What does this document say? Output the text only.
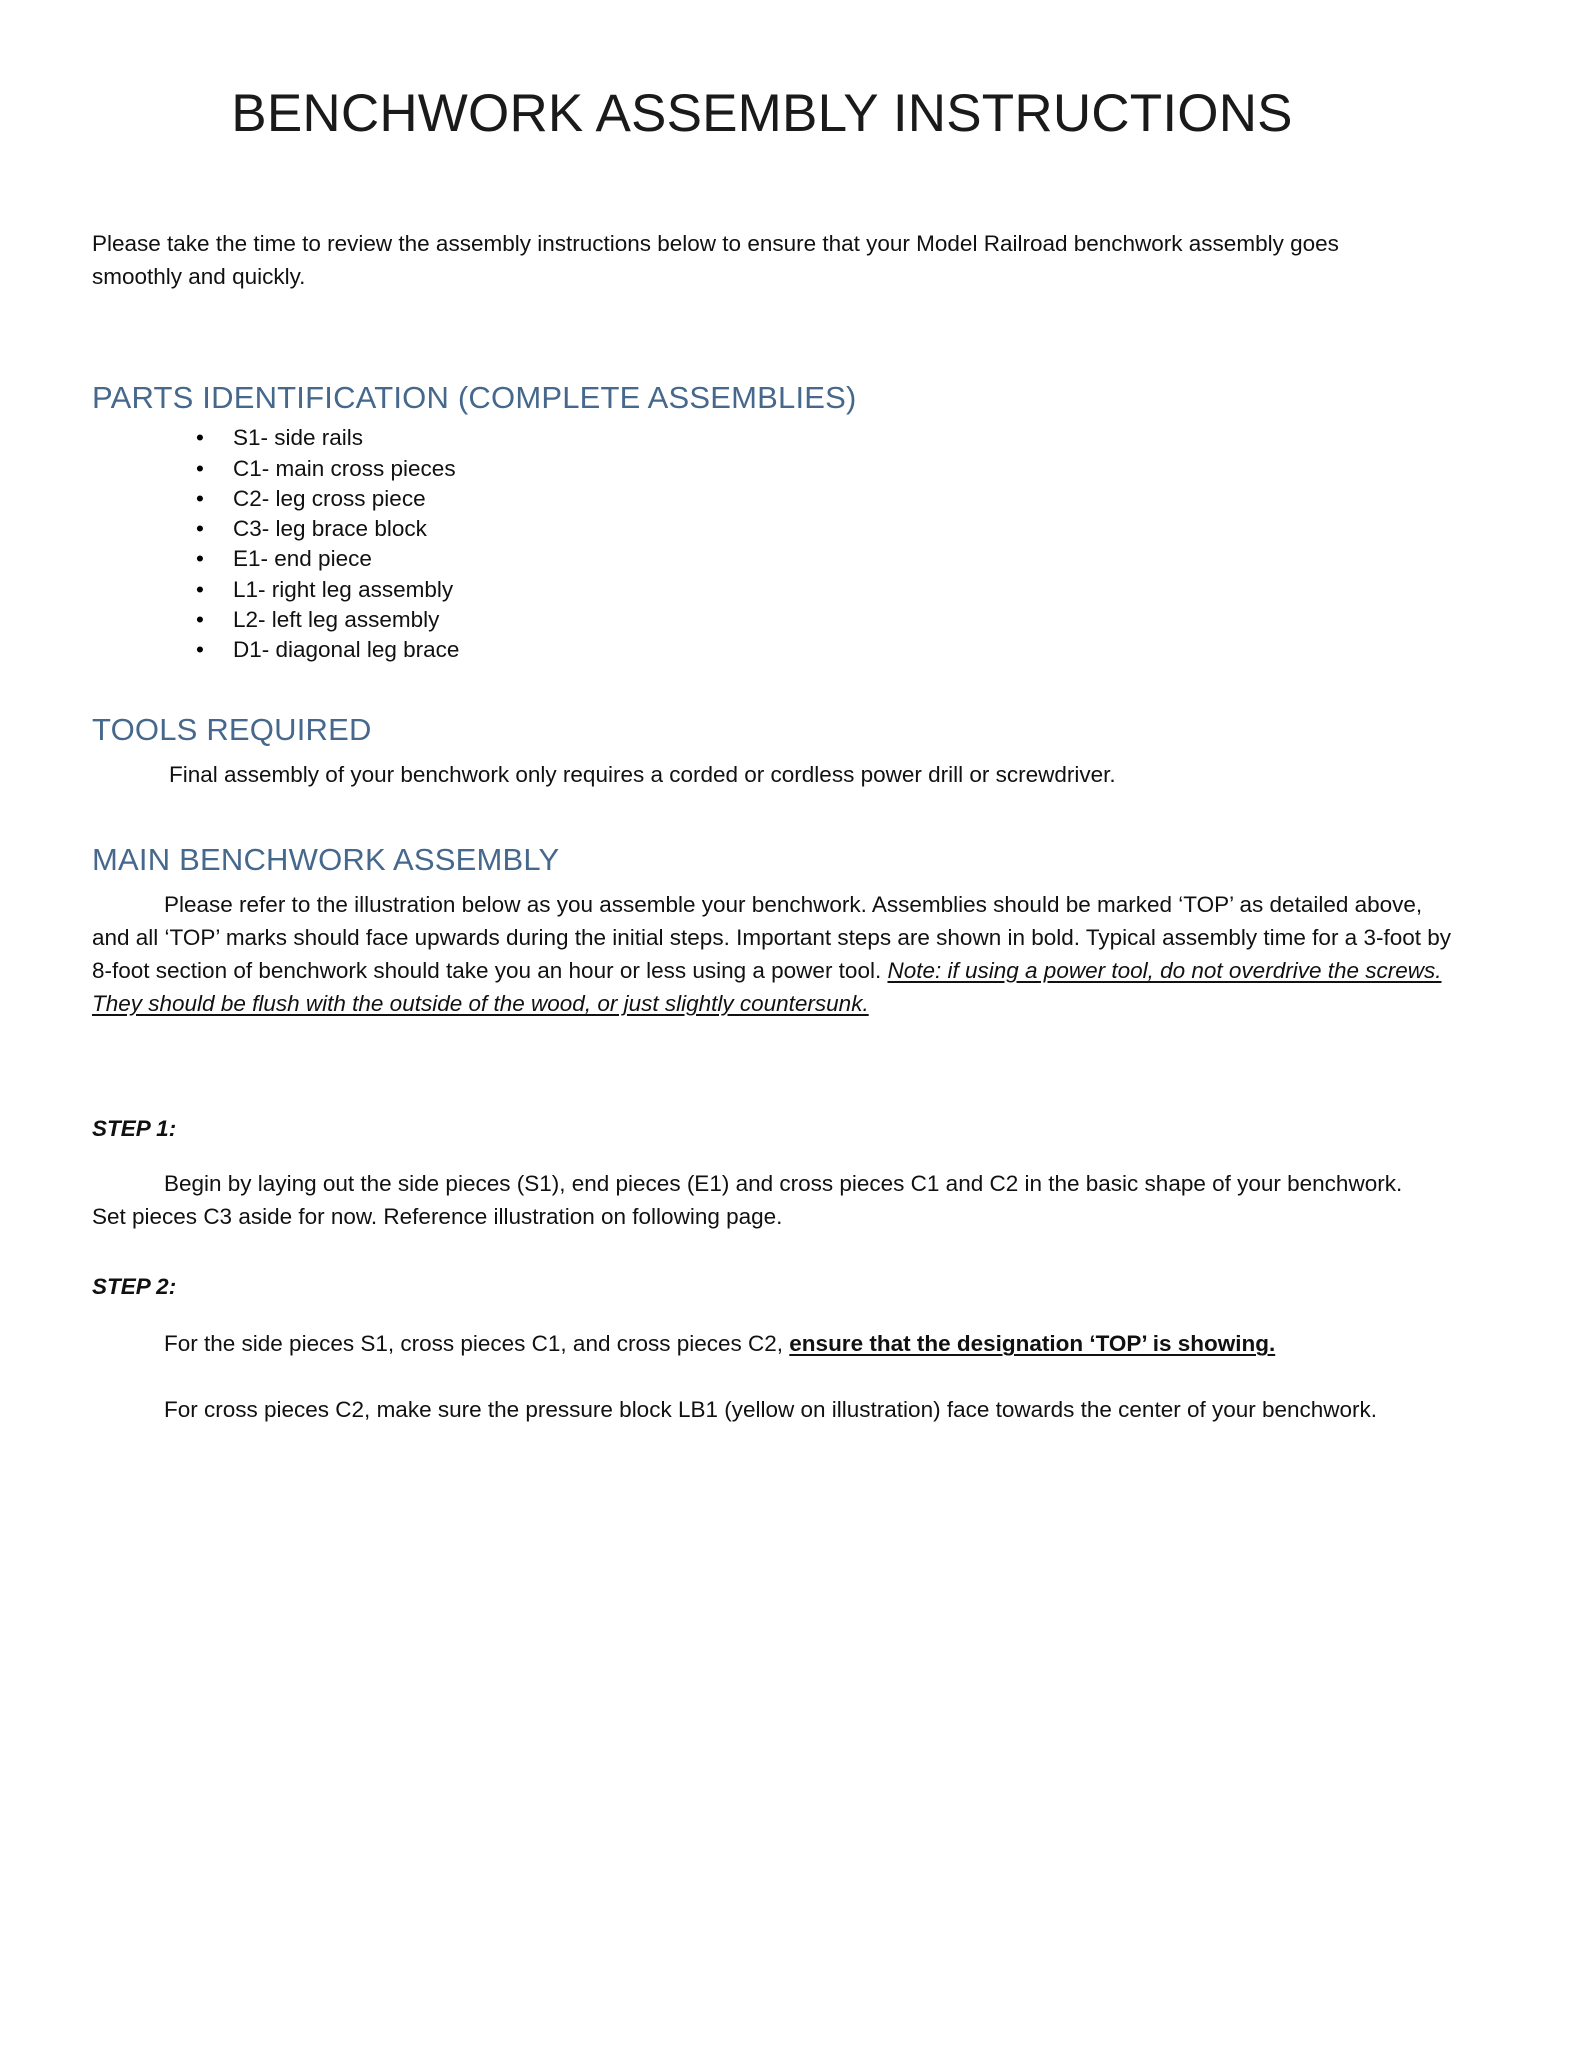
BENCHWORK ASSEMBLY INSTRUCTIONS

Please take the time to review the assembly instructions below to ensure that your Model Railroad benchwork assembly goes smoothly and quickly.

PARTS IDENTIFICATION (COMPLETE ASSEMBLIES)
• S1- side rails
• C1- main cross pieces
• C2- leg cross piece
• C3- leg brace block
• E1- end piece
• L1- right leg assembly
• L2- left leg assembly
• D1- diagonal leg brace
TOOLS REQUIRED

Final assembly of your benchwork only requires a corded or cordless power drill or screwdriver.

MAIN BENCHWORK ASSEMBLY

Please refer to the illustration below as you assemble your benchwork. Assemblies should be marked ‘TOP’ as detailed above, and all ‘TOP’ marks should face upwards during the initial steps. Important steps are shown in bold. Typical assembly time for a 3-foot by 8-foot section of benchwork should take you an hour or less using a power tool. Note: if using a power tool, do not overdrive the screws. They should be flush with the outside of the wood, or just slightly countersunk.

STEP 1:

Begin by laying out the side pieces (S1), end pieces (E1) and cross pieces C1 and C2 in the basic shape of your benchwork. Set pieces C3 aside for now. Reference illustration on following page.

STEP 2:

For the side pieces S1, cross pieces C1, and cross pieces C2, ensure that the designation ‘TOP’ is showing.

For cross pieces C2, make sure the pressure block LB1 (yellow on illustration) face towards the center of your benchwork.
